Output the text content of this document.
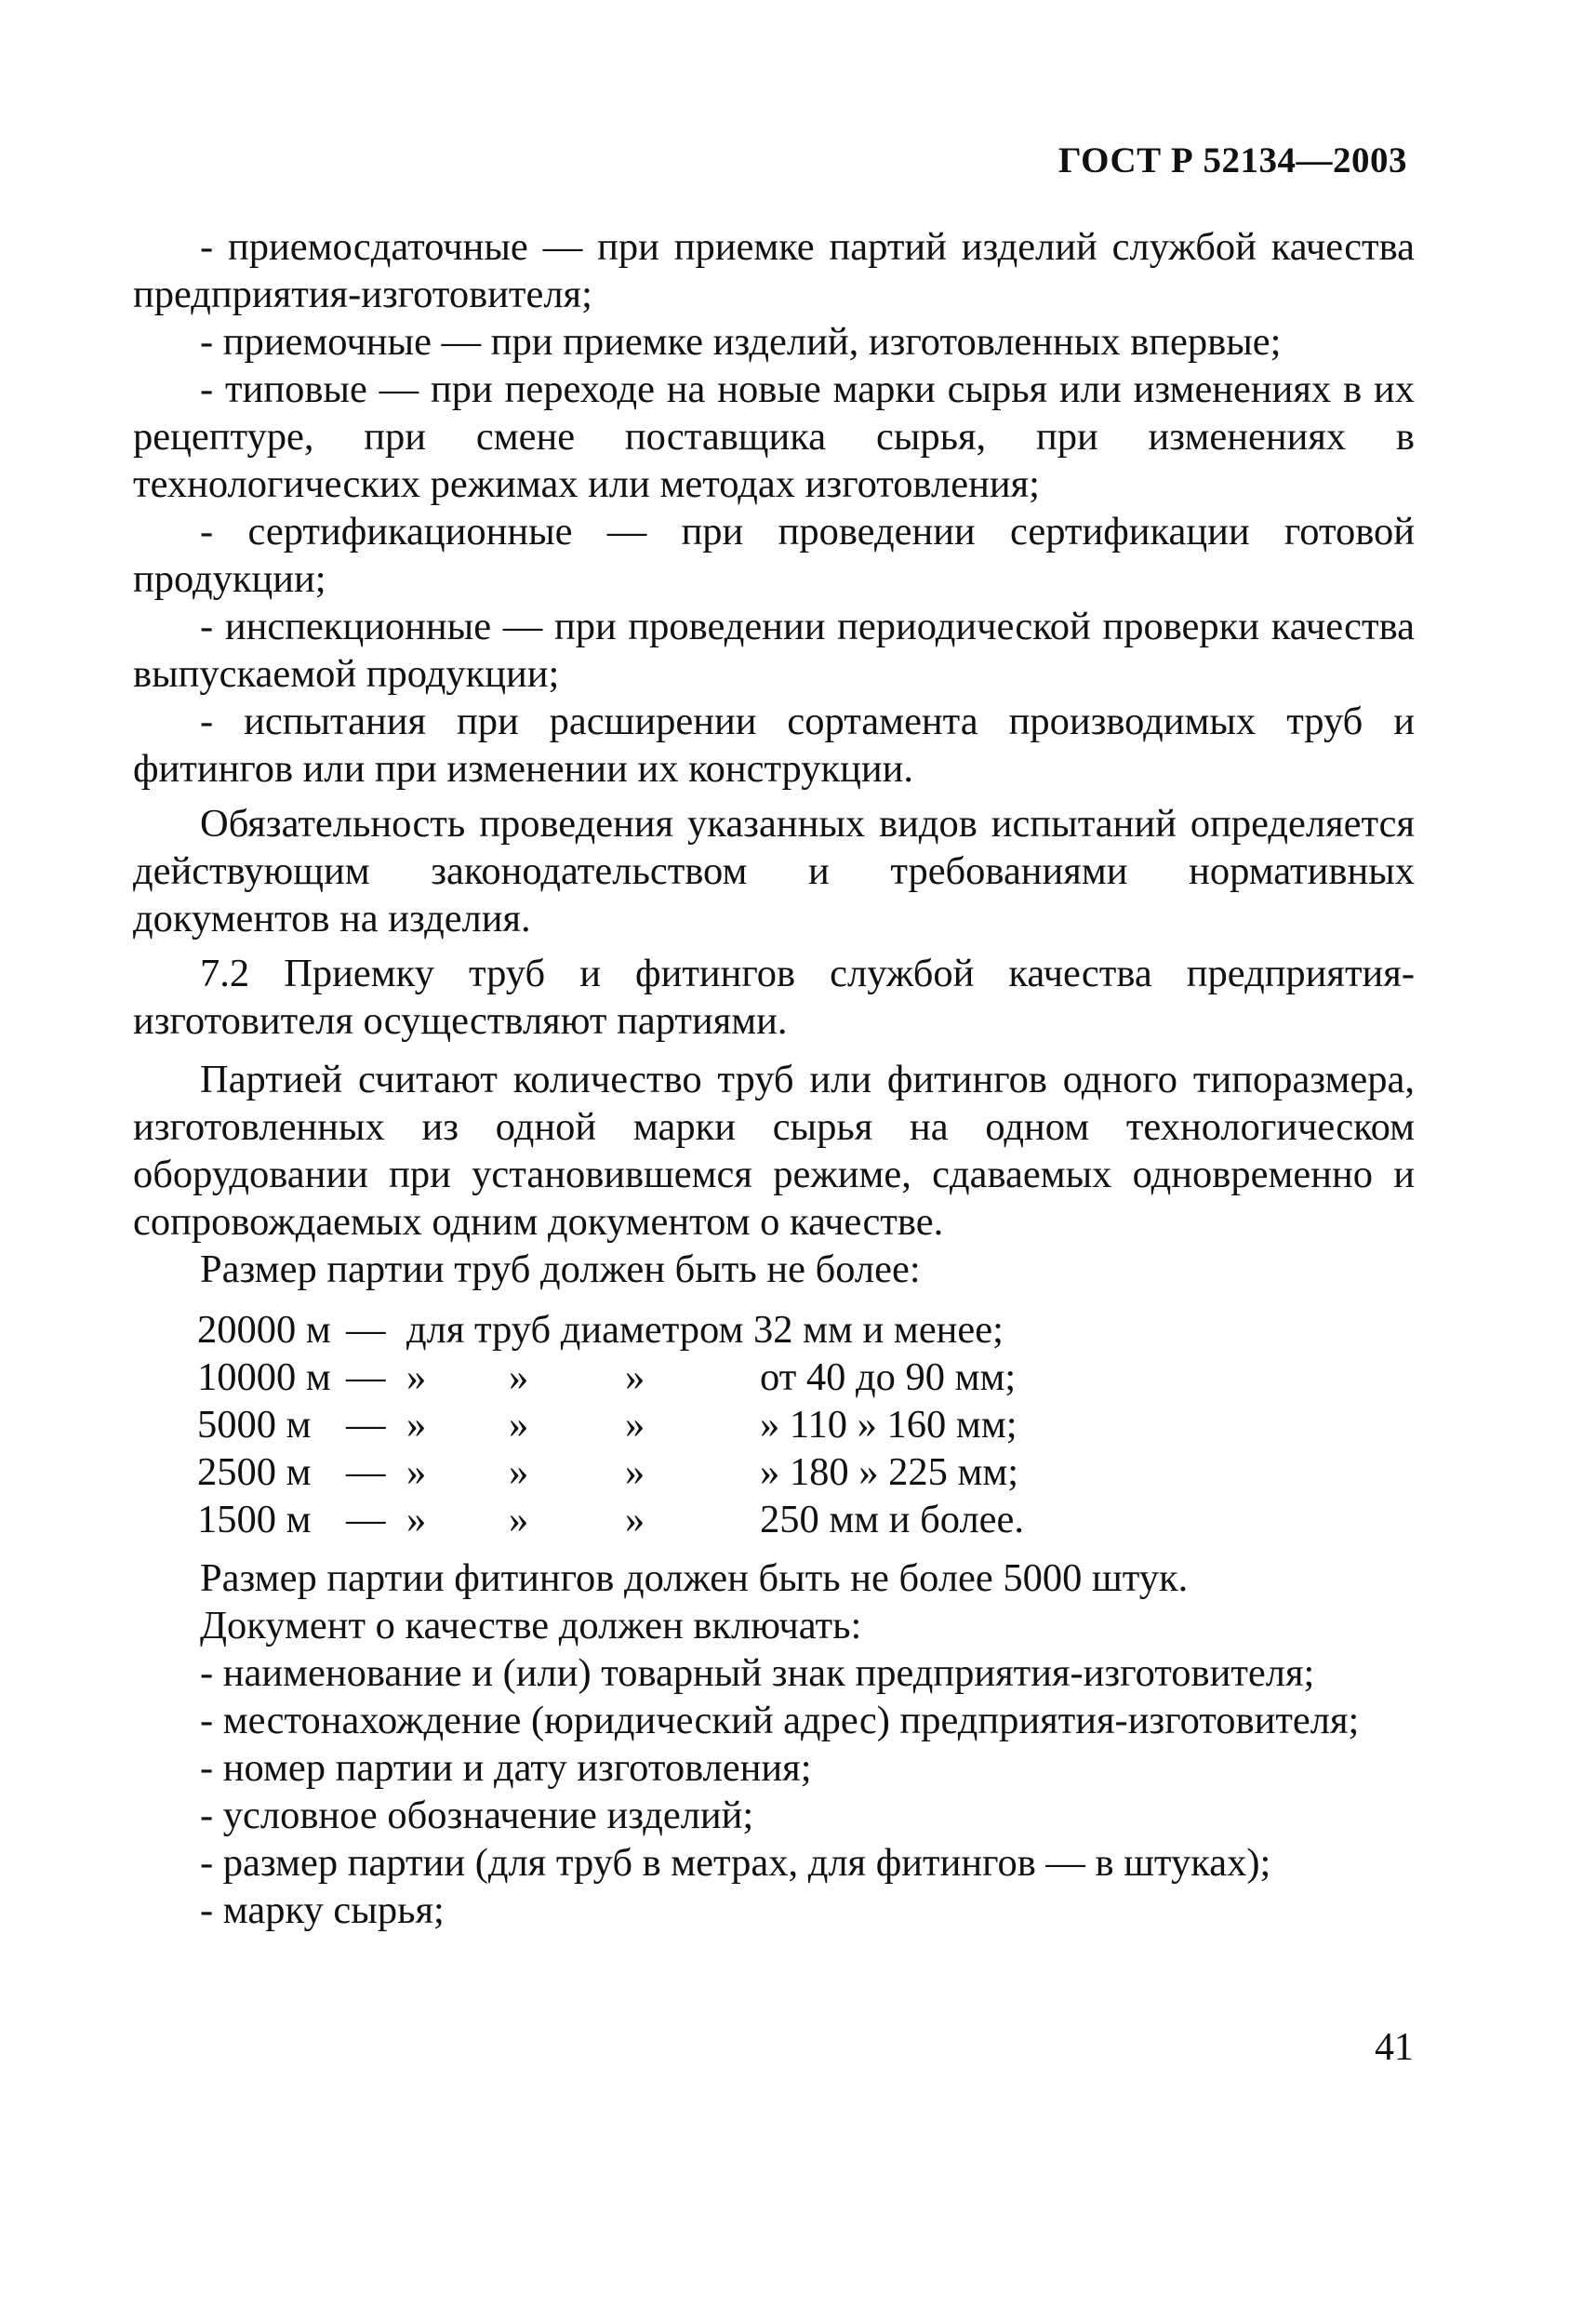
ГОСТ Р 52134—2003

- приемосдаточные — при приемке партий изделий службой качества предприятия-изготовителя;

- приемочные — при приемке изделий, изготовленных впервые;

- типовые — при переходе на новые марки сырья или изменениях в их рецептуре, при смене поставщика сырья, при изменениях в технологических режимах или методах изготовления;

- сертификационные — при проведении сертификации готовой продукции;

- инспекционные — при проведении периодической проверки качества выпускаемой продукции;

- испытания при расширении сортамента производимых труб и фитингов или при изменении их конструкции.

Обязательность проведения указанных видов испытаний определяется действующим законодательством и требованиями нормативных документов на изделия.

7.2 Приемку труб и фитингов службой качества предприятия-изготовителя осуществляют партиями.

Партией считают количество труб или фитингов одного типоразмера, изготовленных из одной марки сырья на одном технологическом оборудовании при установившемся режиме, сдаваемых одновременно и сопровождаемых одним документом о качестве.

Размер партии труб должен быть не более:

20000 м	—	для труб диаметром 32 мм и менее;			
10000 м	—	»	»	»	от 40 до 90 мм;
5000 м	—	»	»	»	» 110 » 160 мм;
2500 м	—	»	»	»	» 180 » 225 мм;
1500 м	—	»	»	»	250 мм и более.

Размер партии фитингов должен быть не более 5000 штук.

Документ о качестве должен включать:

- наименование и (или) товарный знак предприятия-изготовителя;

- местонахождение (юридический адрес) предприятия-изготовителя;

- номер партии и дату изготовления;

- условное обозначение изделий;

- размер партии (для труб в метрах, для фитингов — в штуках);

- марку сырья;

41
